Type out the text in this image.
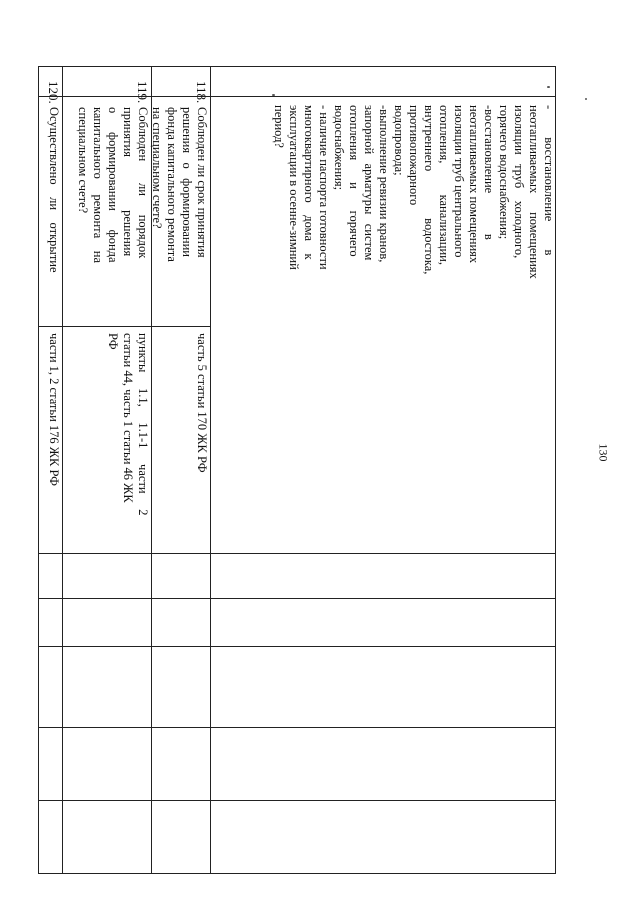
130
-         восстановление         в
неотапливаемых      помещениях
изоляции   труб    холодного,
горячего водоснабжения;
-восстановление             в
неотапливаемых помещениях
изоляции труб центрального
отопления,          канализации,
внутреннего               водостока,
противопожарного
водопровода;
-выполнение ревизии кранов,
запорной   арматуры   систем
отопления       и       горячего
водоснабжения;
- наличие паспорта готовности
многоквартирного    дома    к
эксплуатации в осенне-зимний
период?
118.
Соблюден ли срок принятия
решения   о   формировании
фонда капитального ремонта
на специальном счете?
часть 5 статьи 170 ЖК РФ
119.
Соблюден       ли      порядок
принятия                 решения
о      формировании      фонда
капитального     ремонта    на
специальном счете?
пункты     1.1,     1.1-1     части     2
статьи 44, часть 1 статьи 46 ЖК
РФ
120.
Осуществлено    ли    открытие
части 1, 2 статьи 176 ЖК РФ
